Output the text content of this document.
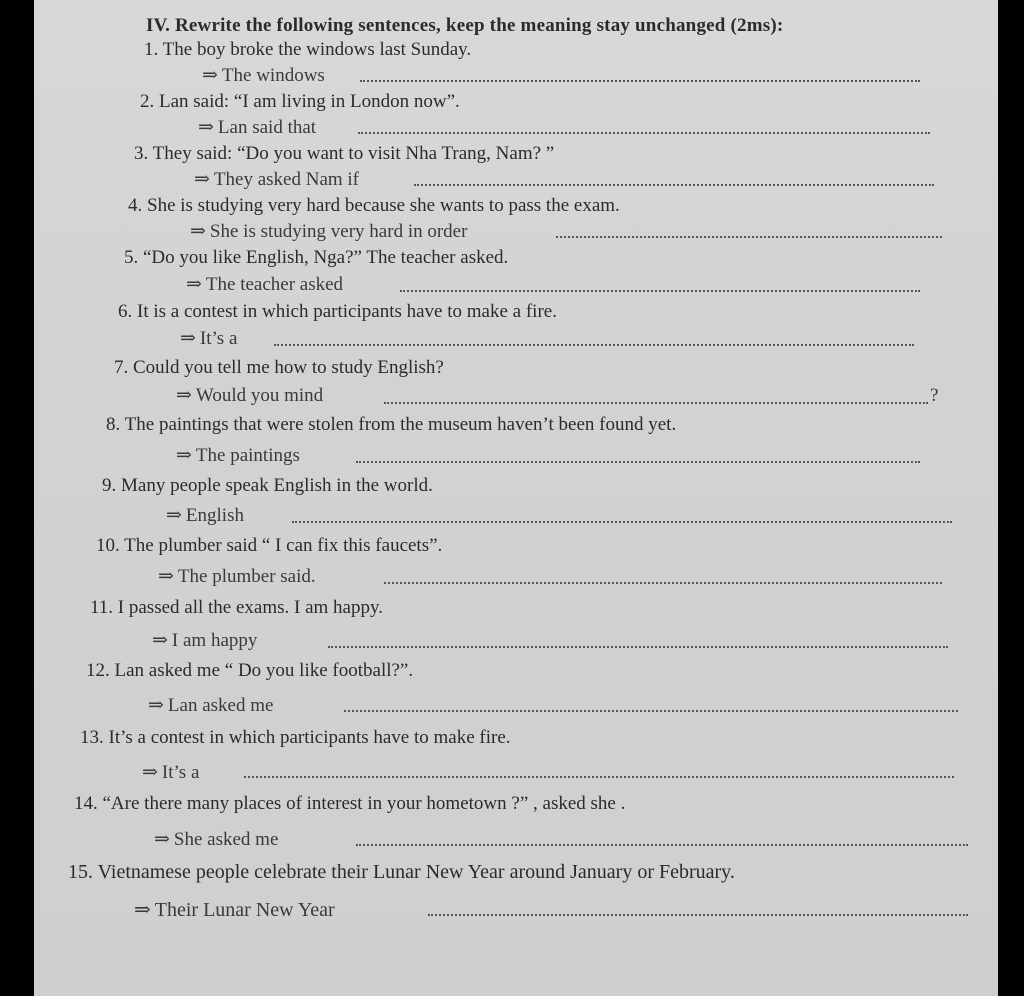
IV. Rewrite the following sentences, keep the meaning stay unchanged (2ms):
1. The boy broke the windows last Sunday.
⇒ The windows
2. Lan said: “I am living in London now”.
⇒ Lan said that
3. They said: “Do you want to visit Nha Trang, Nam? ”
⇒ They asked Nam if
4. She is studying very hard because she wants to pass the exam.
⇒ She is studying very hard in order
5. “Do you like English, Nga?” The teacher asked.
⇒ The teacher asked
6. It is a contest in which participants have to make a fire.
⇒ It’s a
7. Could you tell me how to study English?
⇒ Would you mind	?
8. The paintings that were stolen from the museum haven’t been found yet.
⇒ The paintings
9. Many people speak English in the world.
⇒ English
10. The plumber said “ I can fix this faucets”.
⇒ The plumber said.
11. I passed all the exams. I am happy.
⇒ I am happy
12. Lan asked me “ Do you like football?”.
⇒ Lan asked me
13. It’s a contest in which participants have to make fire.
⇒ It’s a
14. “Are there many places of interest in your hometown ?” , asked she .
⇒ She asked me
15. Vietnamese people celebrate their Lunar New Year around January or February.
⇒ Their Lunar New Year
